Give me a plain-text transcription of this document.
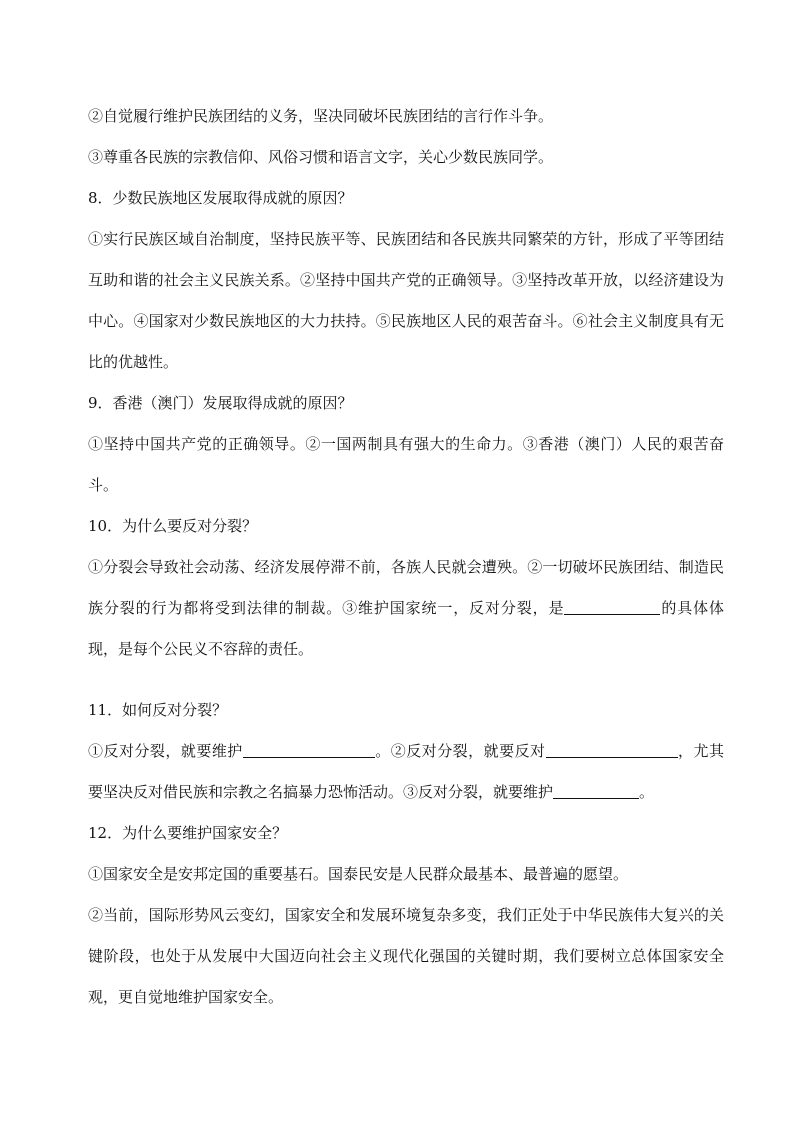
②自觉履行维护民族团结的义务，坚决同破坏民族团结的言行作斗争。

③尊重各民族的宗教信仰、风俗习惯和语言文字，关心少数民族同学。

8．少数民族地区发展取得成就的原因？

①实行民族区域自治制度，坚持民族平等、民族团结和各民族共同繁荣的方针，形成了平等团结互助和谐的社会主义民族关系。②坚持中国共产党的正确领导。③坚持改革开放，以经济建设为中心。④国家对少数民族地区的大力扶持。⑤民族地区人民的艰苦奋斗。⑥社会主义制度具有无比的优越性。

9．香港（澳门）发展取得成就的原因？

①坚持中国共产党的正确领导。②一国两制具有强大的生命力。③香港（澳门）人民的艰苦奋斗。

10．为什么要反对分裂？

①分裂会导致社会动荡、经济发展停滞不前，各族人民就会遭殃。②一切破坏民族团结、制造民族分裂的行为都将受到法律的制裁。③维护国家统一，反对分裂，是	的具体体现，是每个公民义不容辞的责任。

11．如何反对分裂？

①反对分裂，就要维护	。②反对分裂，就要反对	，尤其要坚决反对借民族和宗教之名搞暴力恐怖活动。③反对分裂，就要维护	。

12．为什么要维护国家安全？

①国家安全是安邦定国的重要基石。国泰民安是人民群众最基本、最普遍的愿望。

②当前，国际形势风云变幻，国家安全和发展环境复杂多变，我们正处于中华民族伟大复兴的关键阶段，也处于从发展中大国迈向社会主义现代化强国的关键时期，我们要树立总体国家安全观，更自觉地维护国家安全。
